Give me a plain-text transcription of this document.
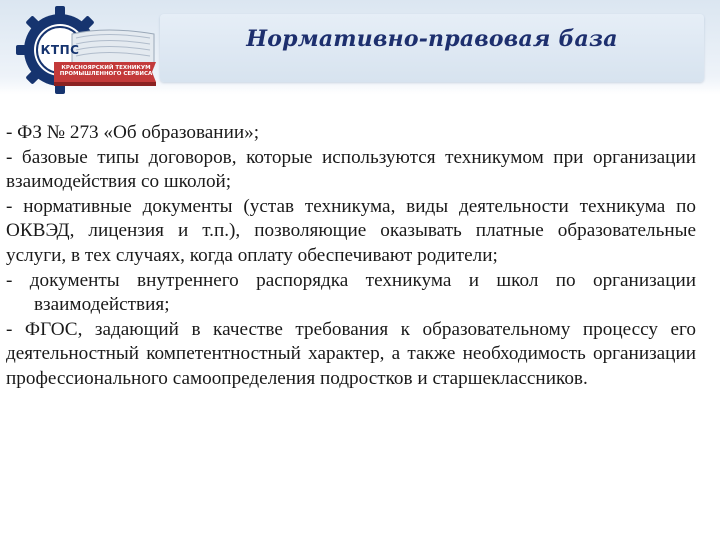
КТПС
КРАСНОЯРСКИЙ ТЕХНИКУМ ПРОМЫШЛЕННОГО СЕРВИСА
Нормативно-правовая база

- ФЗ № 273 «Об образовании»;

- базовые типы договоров, которые используются техникумом при организации взаимодействия со школой;

- нормативные документы (устав техникума, виды деятельности техникума по ОКВЭД, лицензия и т.п.), позволяющие оказывать платные образовательные услуги, в тех случаях, когда оплату обеспечивают родители;

- документы внутреннего распорядка техникума и школ по организации взаимодействия;

- ФГОС, задающий в качестве требования к образовательному процессу его деятельностный компетентностный характер, а также необходимость организации профессионального самоопределения подростков и старшеклассников.
